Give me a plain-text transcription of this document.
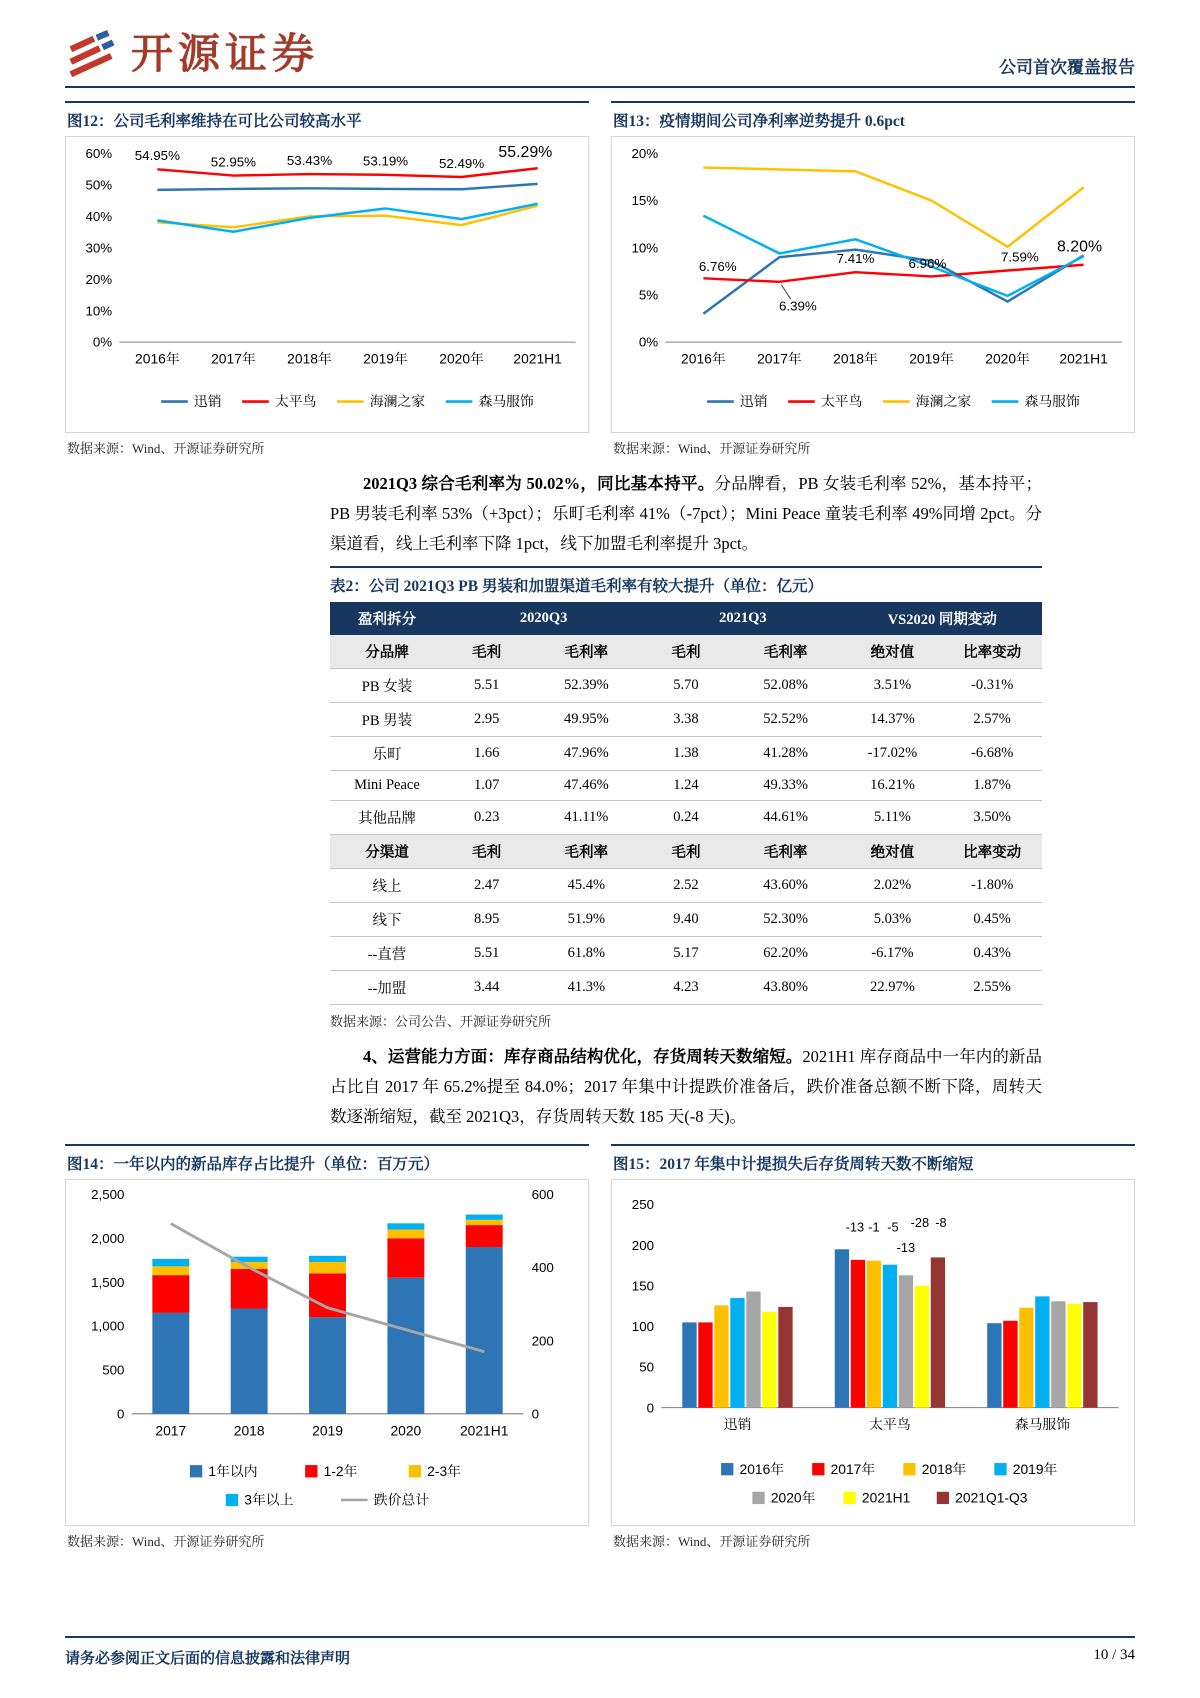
开源证券	公司首次覆盖报告
图12：公司毛利率维持在可比公司较高水平
0%
10%
20%
30%
40%
50%
60%
2016年 2017年 2018年 2019年 2020年 2021H1
54.95% 52.95% 53.43% 53.19% 52.49%
55.29%
迅销	太平鸟	海澜之家	森马服饰
数据来源：Wind、开源证券研究所
图13：疫情期间公司净利率逆势提升 0.6pct
0%
5%
10%
15%
20%
2016年 2017年 2018年 2019年 2020年 2021H1
6.76%
6.39%
7.41%	6.96%	7.59%
8.20%
迅销	太平鸟	海澜之家	森马服饰
数据来源：Wind、开源证券研究所

2021Q3 综合毛利率为 50.02%，同比基本持平。分品牌看，PB 女装毛利率 52%，基本持平；PB 男装毛利率 53%（+3pct）；乐町毛利率 41%（-7pct）；Mini Peace 童装毛利率 49%同增 2pct。分渠道看，线上毛利率下降 1pct，线下加盟毛利率提升 3pct。

表2：公司 2021Q3 PB 男装和加盟渠道毛利率有较大提升（单位：亿元）
盈利拆分	2020Q3		2021Q3		VS2020 同期变动	
分品牌	毛利	毛利率	毛利	毛利率	绝对值	比率变动
PB 女装	5.51	52.39%	5.70	52.08%	3.51%	-0.31%
PB 男装	2.95	49.95%	3.38	52.52%	14.37%	2.57%
乐町	1.66	47.96%	1.38	41.28%	-17.02%	-6.68%
Mini Peace	1.07	47.46%	1.24	49.33%	16.21%	1.87%
其他品牌	0.23	41.11%	0.24	44.61%	5.11%	3.50%
分渠道	毛利	毛利率	毛利	毛利率	绝对值	比率变动
线上	2.47	45.4%	2.52	43.60%	2.02%	-1.80%
线下	8.95	51.9%	9.40	52.30%	5.03%	0.45%
--直营	5.51	61.8%	5.17	62.20%	-6.17%	0.43%
--加盟	3.44	41.3%	4.23	43.80%	22.97%	2.55%
数据来源：公司公告、开源证券研究所

4、运营能力方面：库存商品结构优化，存货周转天数缩短。2021H1 库存商品中一年内的新品占比自 2017 年 65.2%提至 84.0%；2017 年集中计提跌价准备后，跌价准备总额不断下降，周转天数逐渐缩短，截至 2021Q3，存货周转天数 185 天(-8 天)。

图14：一年以内的新品库存占比提升（单位：百万元）
0
500
1,000
1,500
2,000
2,500
0
200
400
600
2017	2018	2019	2020	2021H1
1年以内	1-2年	2-3年
3年以上	跌价总计
数据来源：Wind、开源证券研究所
图15：2017 年集中计提损失后存货周转天数不断缩短
0
50
100
150
200
250
迅销
-13 -1 -5
-13
-28 -8
太平鸟	森马服饰
2016年	2017年	2018年	2019年
2020年	2021H1	2021Q1-Q3
数据来源：Wind、开源证券研究所
请务必参阅正文后面的信息披露和法律声明	10 / 34
